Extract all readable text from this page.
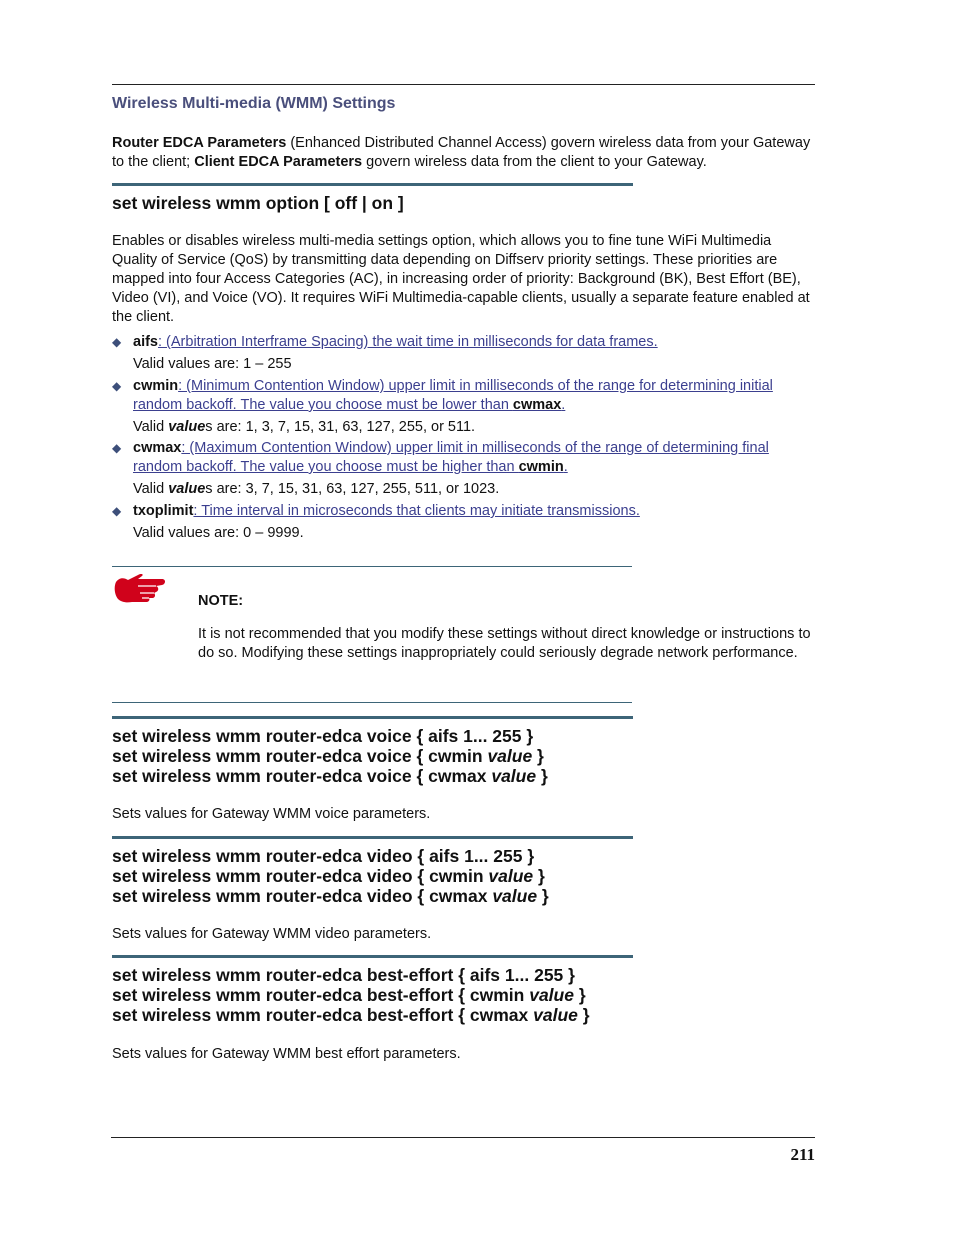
Wireless Multi-media (WMM) Settings
Router EDCA Parameters (Enhanced Distributed Channel Access) govern wireless data from your Gateway to the client; Client EDCA Parameters govern wireless data from the client to your Gateway.
set wireless wmm option [ off | on ]
Enables or disables wireless multi-media settings option, which allows you to fine tune WiFi Multimedia Quality of Service (QoS) by transmitting data depending on Diffserv priority settings. These priorities are mapped into four Access Categories (AC), in increasing order of priority: Background (BK), Best Effort (BE), Video (VI), and Voice (VO). It requires WiFi Multimedia-capable clients, usually a separate feature enabled at the client.
◆ aifs: (Arbitration Interframe Spacing) the wait time in milliseconds for data frames.
Valid values are: 1 – 255
◆ cwmin: (Minimum Contention Window) upper limit in milliseconds of the range for determining initial random backoff. The value you choose must be lower than cwmax.
Valid values are: 1, 3, 7, 15, 31, 63, 127, 255, or 511.
◆ cwmax: (Maximum Contention Window) upper limit in milliseconds of the range of determining final random backoff. The value you choose must be higher than cwmin.
Valid values are: 3, 7, 15, 31, 63, 127, 255, 511, or 1023.
◆ txoplimit: Time interval in microseconds that clients may initiate transmissions.
Valid values are: 0 – 9999.
NOTE:
It is not recommended that you modify these settings without direct knowledge or instructions to do so. Modifying these settings inappropriately could seriously degrade network performance.
set wireless wmm router-edca voice { aifs 1... 255 }
set wireless wmm router-edca voice { cwmin value }
set wireless wmm router-edca voice { cwmax value }
Sets values for Gateway WMM voice parameters.
set wireless wmm router-edca video { aifs 1... 255 }
set wireless wmm router-edca video { cwmin value }
set wireless wmm router-edca video { cwmax value }
Sets values for Gateway WMM video parameters.
set wireless wmm router-edca best-effort { aifs 1... 255 }
set wireless wmm router-edca best-effort { cwmin value }
set wireless wmm router-edca best-effort { cwmax value }
Sets values for Gateway WMM best effort parameters.
211
